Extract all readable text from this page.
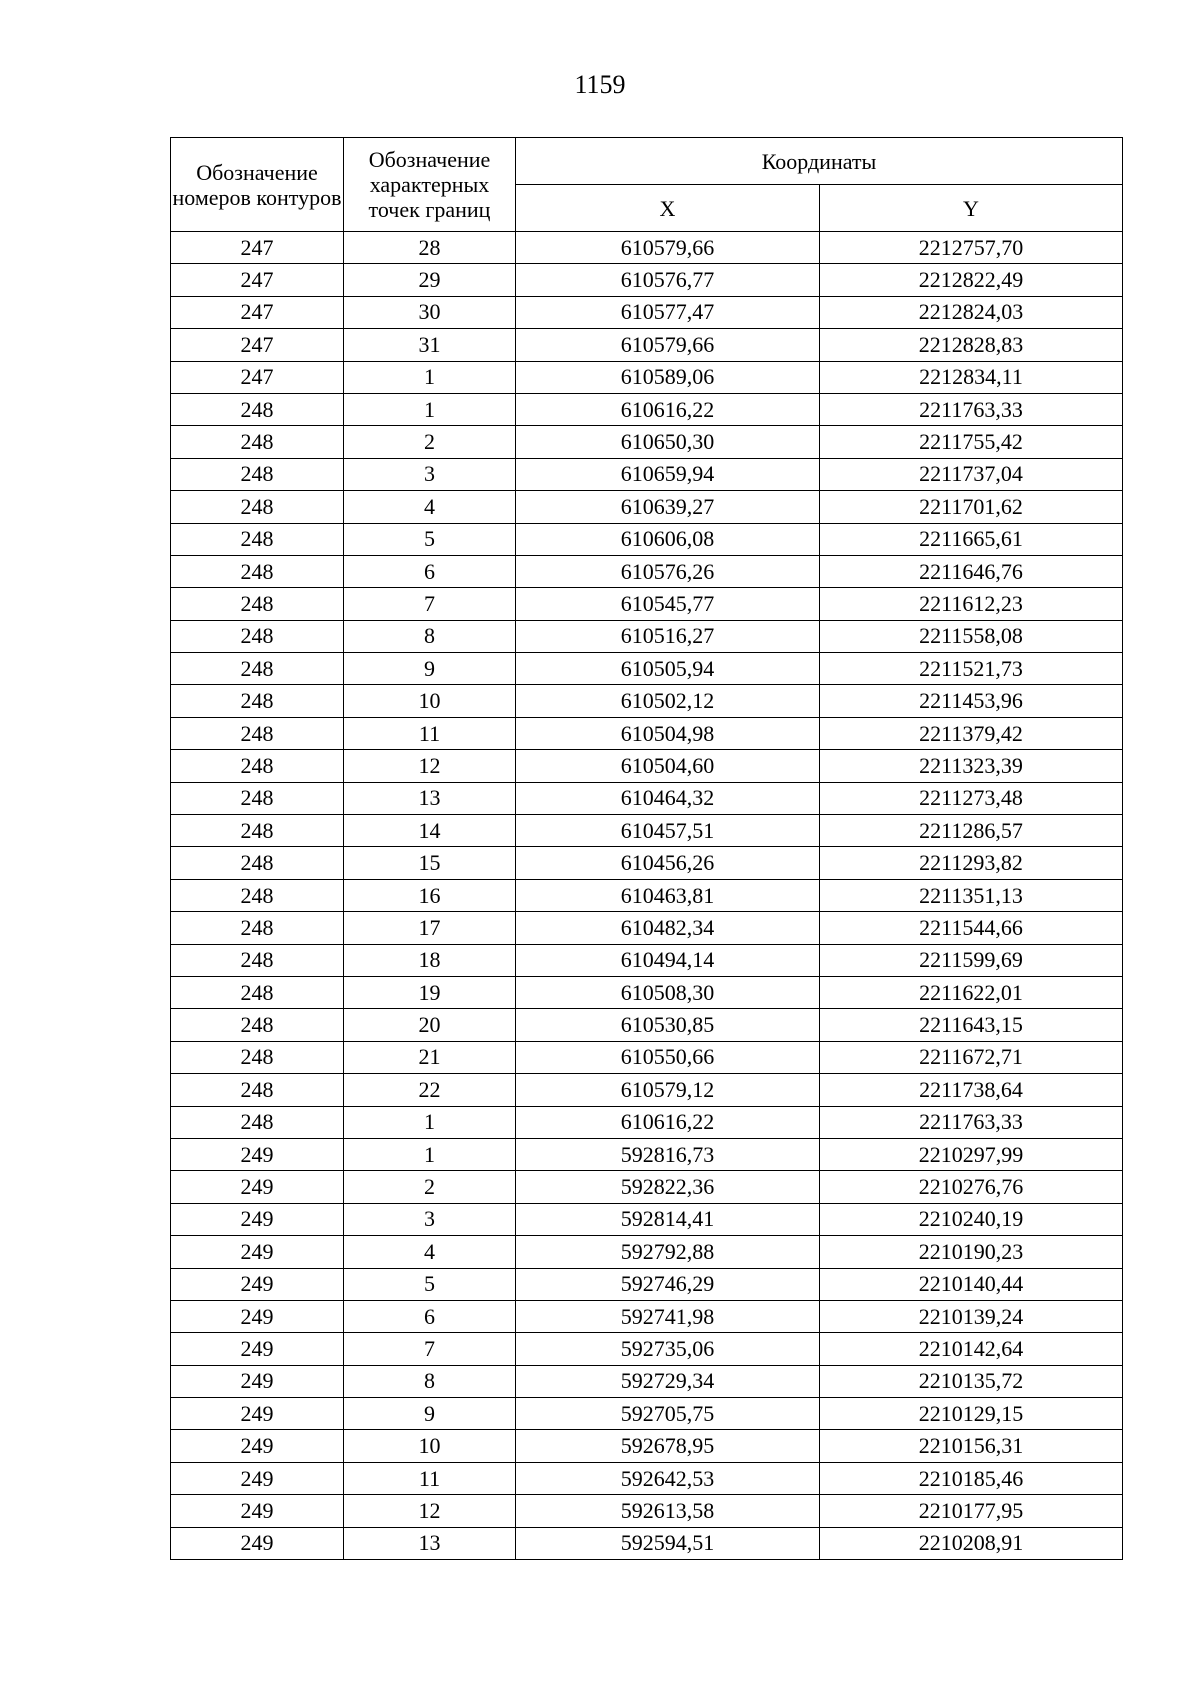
1159
Обозначение номеров контуров	Обозначение характерных точек границ	Координаты	
		X	Y
247	28	610579,66	2212757,70
247	29	610576,77	2212822,49
247	30	610577,47	2212824,03
247	31	610579,66	2212828,83
247	1	610589,06	2212834,11
248	1	610616,22	2211763,33
248	2	610650,30	2211755,42
248	3	610659,94	2211737,04
248	4	610639,27	2211701,62
248	5	610606,08	2211665,61
248	6	610576,26	2211646,76
248	7	610545,77	2211612,23
248	8	610516,27	2211558,08
248	9	610505,94	2211521,73
248	10	610502,12	2211453,96
248	11	610504,98	2211379,42
248	12	610504,60	2211323,39
248	13	610464,32	2211273,48
248	14	610457,51	2211286,57
248	15	610456,26	2211293,82
248	16	610463,81	2211351,13
248	17	610482,34	2211544,66
248	18	610494,14	2211599,69
248	19	610508,30	2211622,01
248	20	610530,85	2211643,15
248	21	610550,66	2211672,71
248	22	610579,12	2211738,64
248	1	610616,22	2211763,33
249	1	592816,73	2210297,99
249	2	592822,36	2210276,76
249	3	592814,41	2210240,19
249	4	592792,88	2210190,23
249	5	592746,29	2210140,44
249	6	592741,98	2210139,24
249	7	592735,06	2210142,64
249	8	592729,34	2210135,72
249	9	592705,75	2210129,15
249	10	592678,95	2210156,31
249	11	592642,53	2210185,46
249	12	592613,58	2210177,95
249	13	592594,51	2210208,91
